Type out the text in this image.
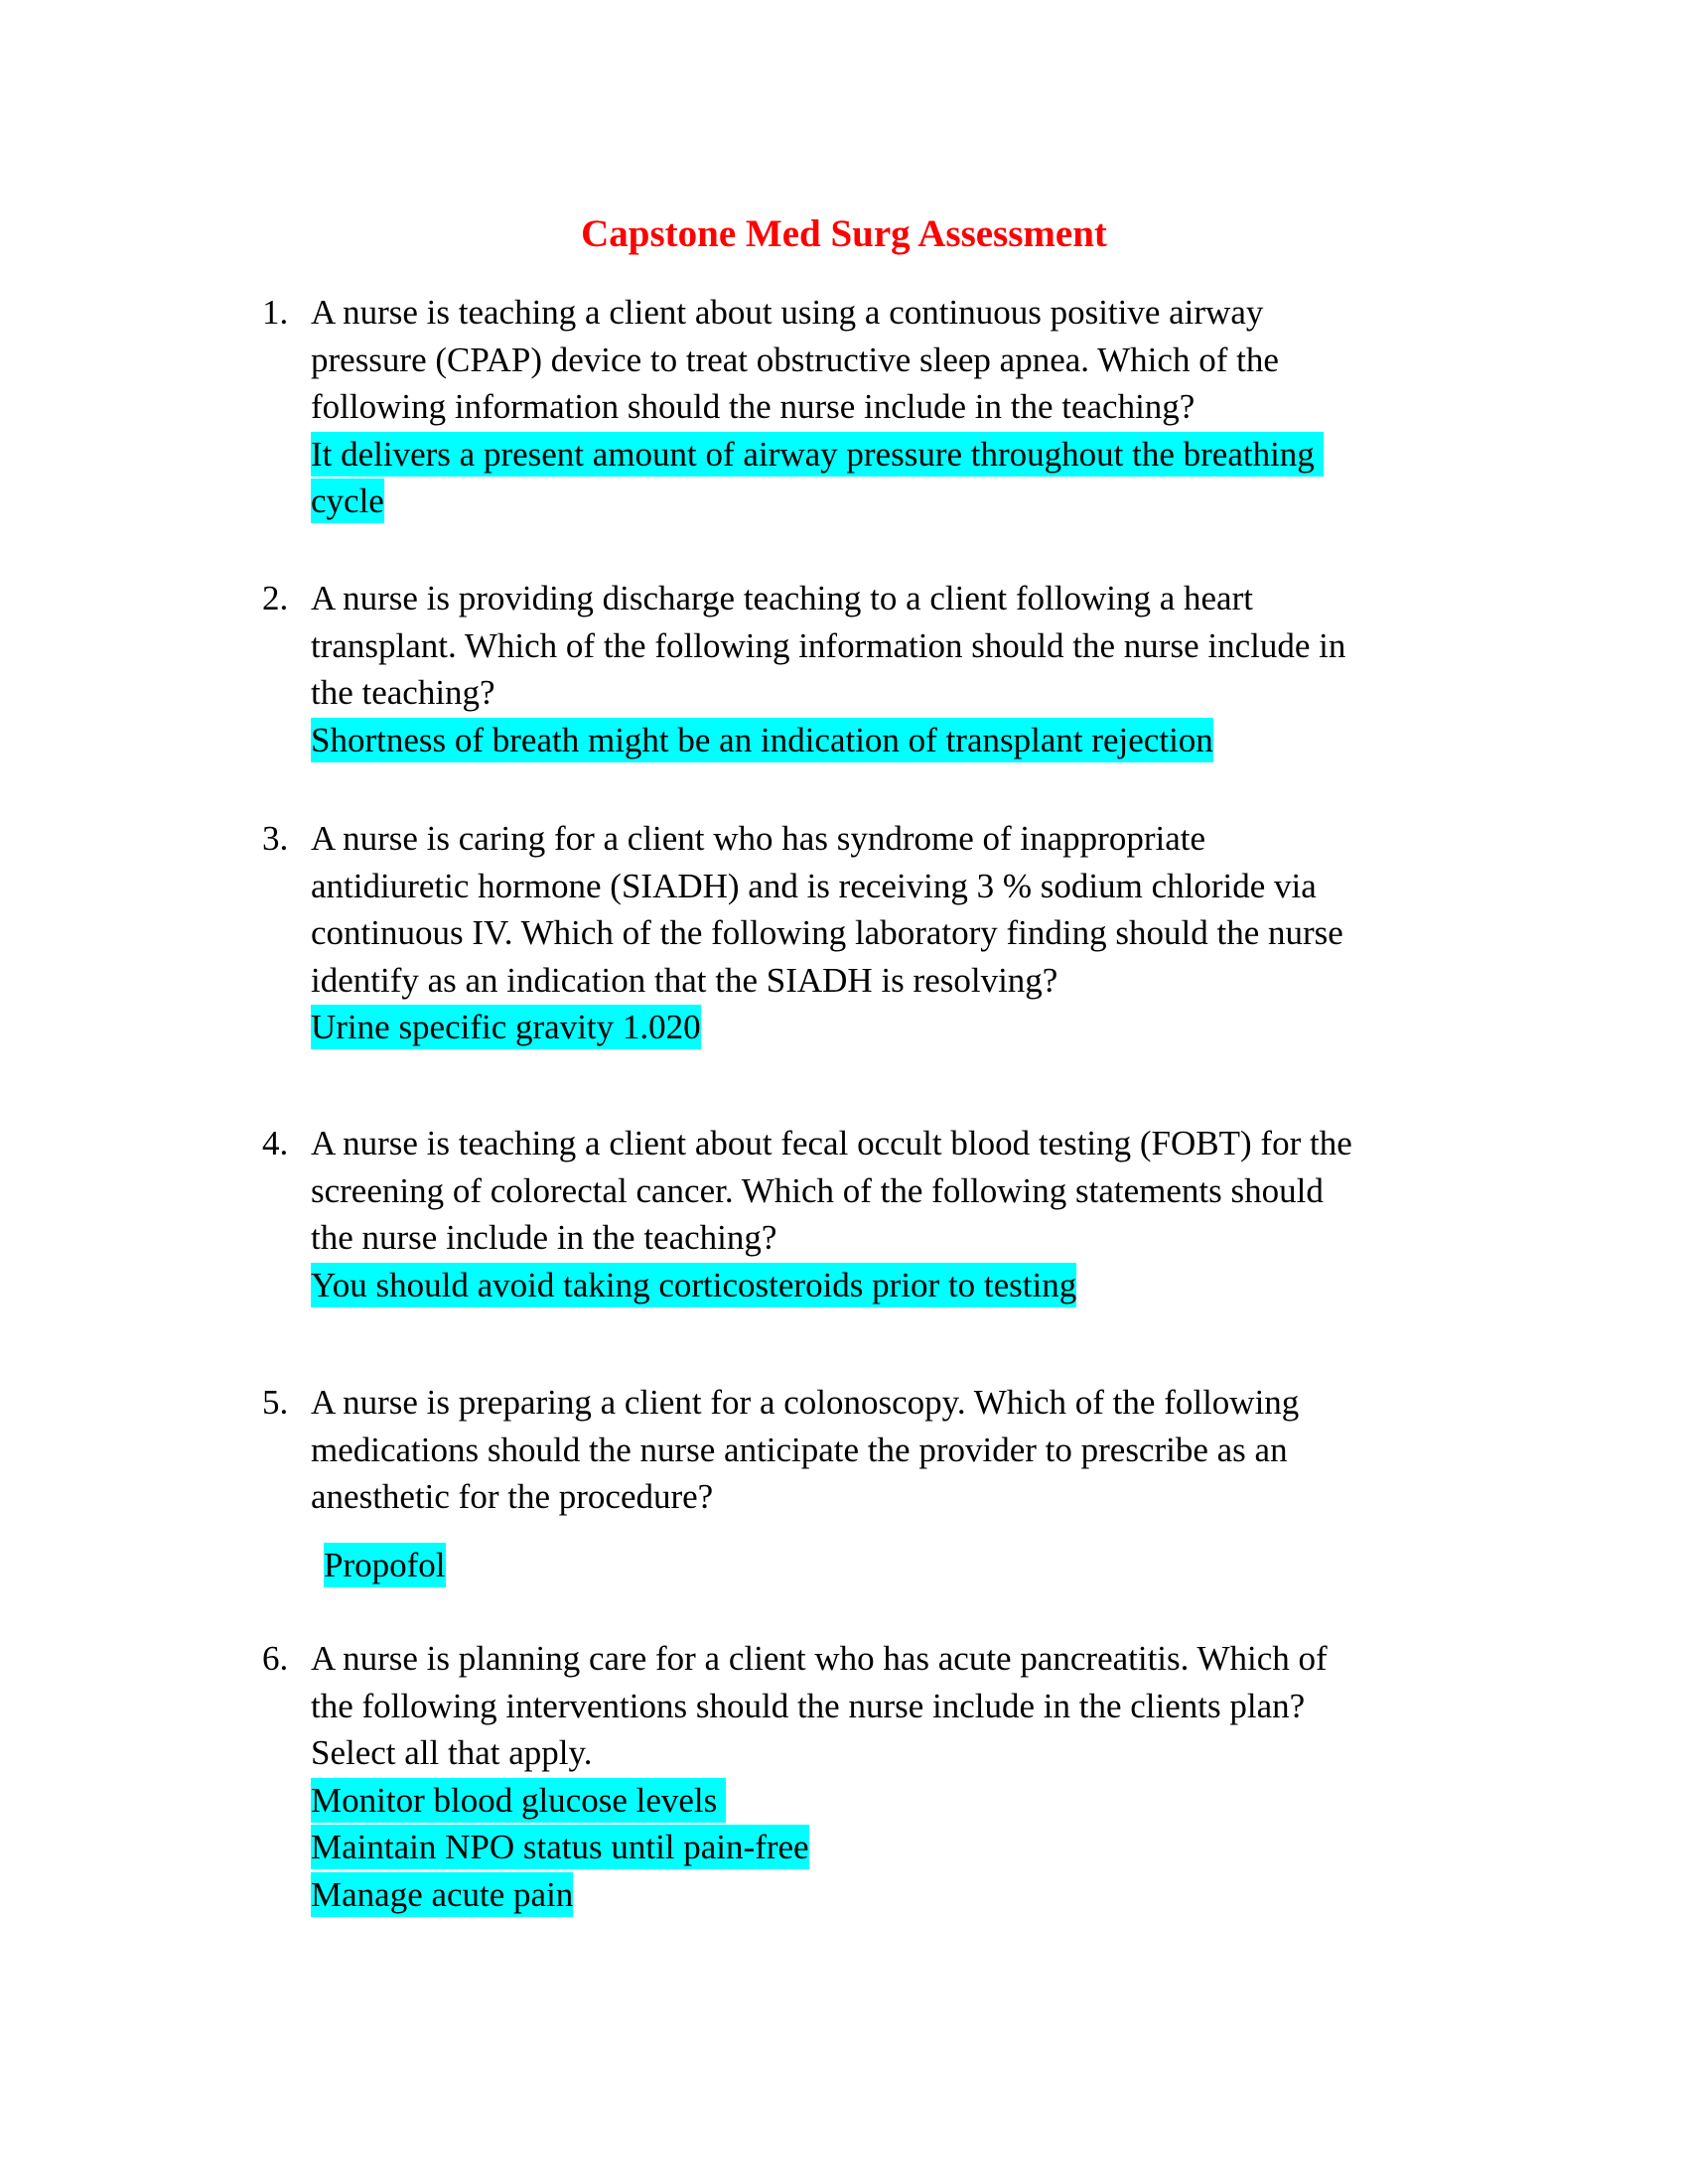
Capstone Med Surg Assessment
1. A nurse is teaching a client about using a continuous positive airway
pressure (CPAP) device to treat obstructive sleep apnea. Which of the
following information should the nurse include in the teaching?
It delivers a present amount of airway pressure throughout the breathing
cycle
2. A nurse is providing discharge teaching to a client following a heart
transplant. Which of the following information should the nurse include in
the teaching?
Shortness of breath might be an indication of transplant rejection
3. A nurse is caring for a client who has syndrome of inappropriate
antidiuretic hormone (SIADH) and is receiving 3 % sodium chloride via
continuous IV. Which of the following laboratory finding should the nurse
identify as an indication that the SIADH is resolving?
Urine specific gravity 1.020
4. A nurse is teaching a client about fecal occult blood testing (FOBT) for the
screening of colorectal cancer. Which of the following statements should
the nurse include in the teaching?
You should avoid taking corticosteroids prior to testing
5. A nurse is preparing a client for a colonoscopy. Which of the following
medications should the nurse anticipate the provider to prescribe as an
anesthetic for the procedure?
Propofol
6. A nurse is planning care for a client who has acute pancreatitis. Which of
the following interventions should the nurse include in the clients plan?
Select all that apply.
Monitor blood glucose levels
Maintain NPO status until pain-free
Manage acute pain
